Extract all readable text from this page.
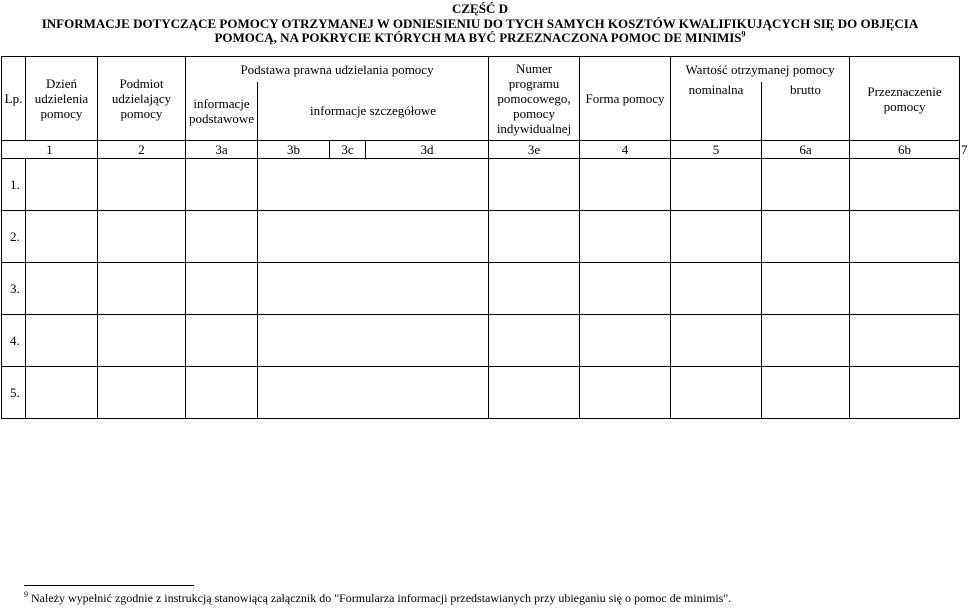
CZĘŚĆ D
INFORMACJE DOTYCZĄCE POMOCY OTRZYMANEJ W ODNIESIENIU DO TYCH SAMYCH KOSZTÓW KWALIFIKUJĄCYCH SIĘ DO OBJĘCIA
POMOCĄ, NA POKRYCIE KTÓRYCH MA BYĆ PRZEZNACZONA POMOC DE MINIMIS$^9$
Lp.	Dzień udzielenia pomocy	Podmiot udzielający pomocy	Podstawa prawna udzielania pomocy				Numer programu pomocowego, pomocy indywidualnej	Forma pomocy	Wartość otrzymanej pomocy		Przeznaczenie pomocy	
			informacje podstawowe	informacje szczegółowe					nominalna	brutto		

1		2	3a	3b	3c	3d	3e	4	5	6a	6b	7
1.												
2.												
3.												
4.												
5.												
$^9$ Należy wypełnić zgodnie z instrukcją stanowiącą załącznik do "Formularza informacji przedstawianych przy ubieganiu się o pomoc de minimis".
